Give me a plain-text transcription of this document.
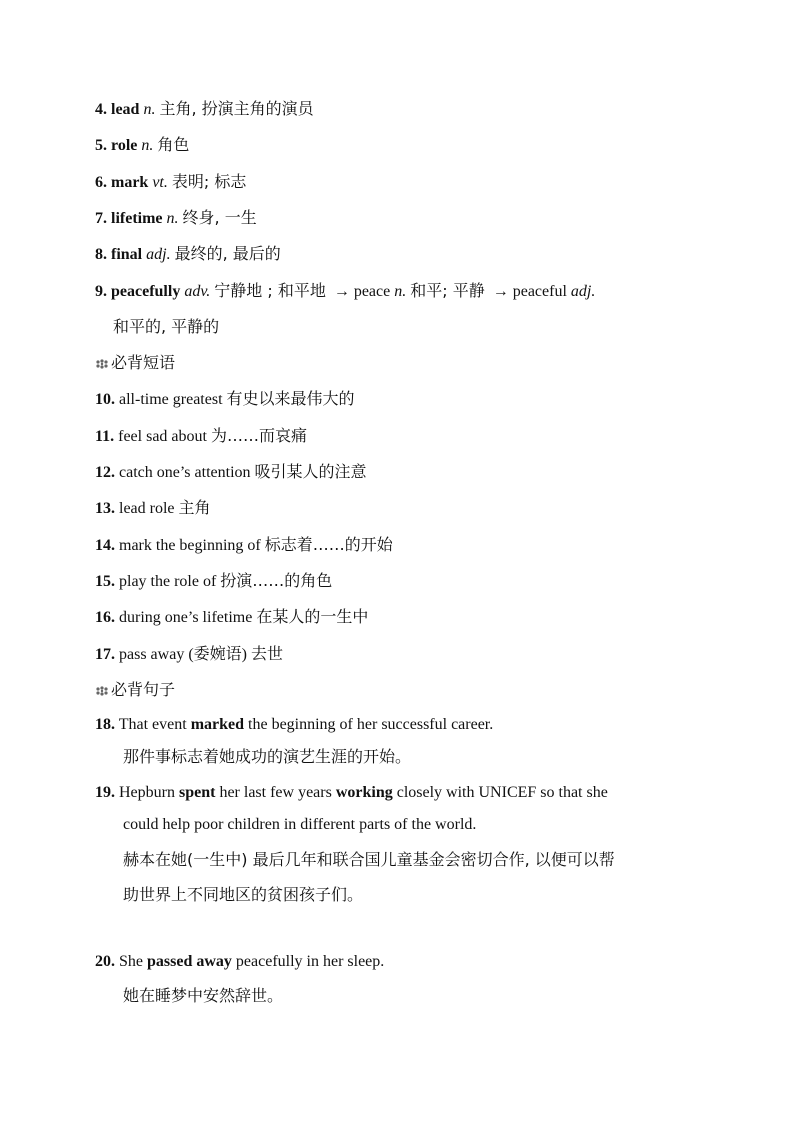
4. lead n. 主角, 扮演主角的演员
5. role n. 角色
6. mark vt. 表明; 标志
7. lifetime n. 终身, 一生
8. final adj. 最终的, 最后的
9. peacefully adv. 宁静地 ; 和平地 → peace n. 和平; 平静 → peaceful adj.
和平的, 平静的
必背短语
10. all-time greatest 有史以来最伟大的
11. feel sad about 为……而哀痛
12. catch one’s attention 吸引某人的注意
13. lead role 主角
14. mark the beginning of 标志着……的开始
15. play the role of 扮演……的角色
16. during one’s lifetime 在某人的一生中
17. pass away (委婉语) 去世
必背句子
18. That event marked the beginning of her successful career.
那件事标志着她成功的演艺生涯的开始。
19. Hepburn spent her last few years working closely with UNICEF so that she
could help poor children in different parts of the world.
赫本在她(一生中) 最后几年和联合国儿童基金会密切合作, 以便可以帮
助世界上不同地区的贫困孩子们。
20. She passed away peacefully in her sleep.
她在睡梦中安然辞世。
